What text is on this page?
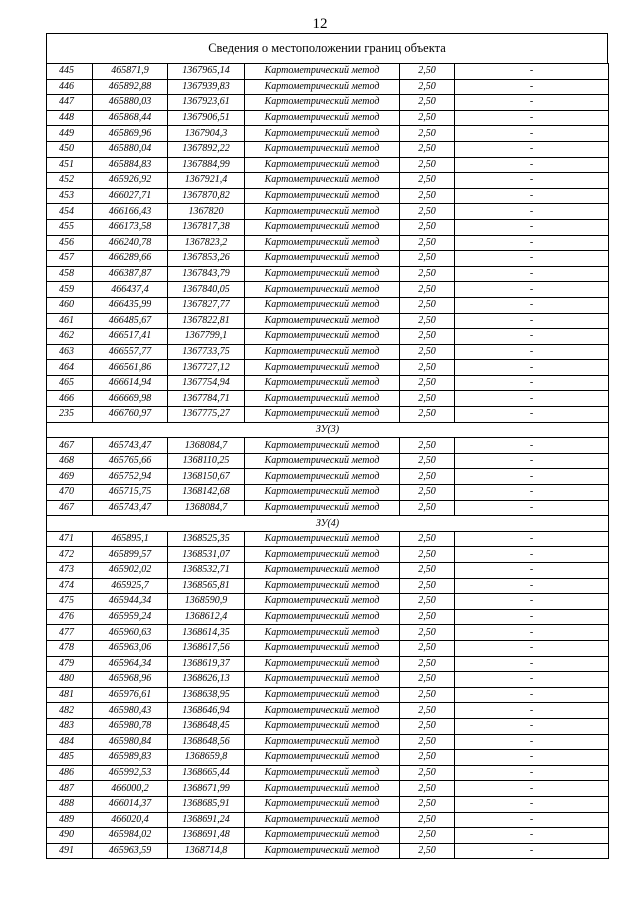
12
Сведения о местоположении границ объекта
445	465871,9	1367965,14	Картометрический метод	2,50	-
446	465892,88	1367939,83	Картометрический метод	2,50	-
447	465880,03	1367923,61	Картометрический метод	2,50	-
448	465868,44	1367906,51	Картометрический метод	2,50	-
449	465869,96	1367904,3	Картометрический метод	2,50	-
450	465880,04	1367892,22	Картометрический метод	2,50	-
451	465884,83	1367884,99	Картометрический метод	2,50	-
452	465926,92	1367921,4	Картометрический метод	2,50	-
453	466027,71	1367870,82	Картометрический метод	2,50	-
454	466166,43	1367820	Картометрический метод	2,50	-
455	466173,58	1367817,38	Картометрический метод	2,50	-
456	466240,78	1367823,2	Картометрический метод	2,50	-
457	466289,66	1367853,26	Картометрический метод	2,50	-
458	466387,87	1367843,79	Картометрический метод	2,50	-
459	466437,4	1367840,05	Картометрический метод	2,50	-
460	466435,99	1367827,77	Картометрический метод	2,50	-
461	466485,67	1367822,81	Картометрический метод	2,50	-
462	466517,41	1367799,1	Картометрический метод	2,50	-
463	466557,77	1367733,75	Картометрический метод	2,50	-
464	466561,86	1367727,12	Картометрический метод	2,50	-
465	466614,94	1367754,94	Картометрический метод	2,50	-
466	466669,98	1367784,71	Картометрический метод	2,50	-
235	466760,97	1367775,27	Картометрический метод	2,50	-
ЗУ(3)					
467	465743,47	1368084,7	Картометрический метод	2,50	-
468	465765,66	1368110,25	Картометрический метод	2,50	-
469	465752,94	1368150,67	Картометрический метод	2,50	-
470	465715,75	1368142,68	Картометрический метод	2,50	-
467	465743,47	1368084,7	Картометрический метод	2,50	-
ЗУ(4)					
471	465895,1	1368525,35	Картометрический метод	2,50	-
472	465899,57	1368531,07	Картометрический метод	2,50	-
473	465902,02	1368532,71	Картометрический метод	2,50	-
474	465925,7	1368565,81	Картометрический метод	2,50	-
475	465944,34	1368590,9	Картометрический метод	2,50	-
476	465959,24	1368612,4	Картометрический метод	2,50	-
477	465960,63	1368614,35	Картометрический метод	2,50	-
478	465963,06	1368617,56	Картометрический метод	2,50	-
479	465964,34	1368619,37	Картометрический метод	2,50	-
480	465968,96	1368626,13	Картометрический метод	2,50	-
481	465976,61	1368638,95	Картометрический метод	2,50	-
482	465980,43	1368646,94	Картометрический метод	2,50	-
483	465980,78	1368648,45	Картометрический метод	2,50	-
484	465980,84	1368648,56	Картометрический метод	2,50	-
485	465989,83	1368659,8	Картометрический метод	2,50	-
486	465992,53	1368665,44	Картометрический метод	2,50	-
487	466000,2	1368671,99	Картометрический метод	2,50	-
488	466014,37	1368685,91	Картометрический метод	2,50	-
489	466020,4	1368691,24	Картометрический метод	2,50	-
490	465984,02	1368691,48	Картометрический метод	2,50	-
491	465963,59	1368714,8	Картометрический метод	2,50	-
